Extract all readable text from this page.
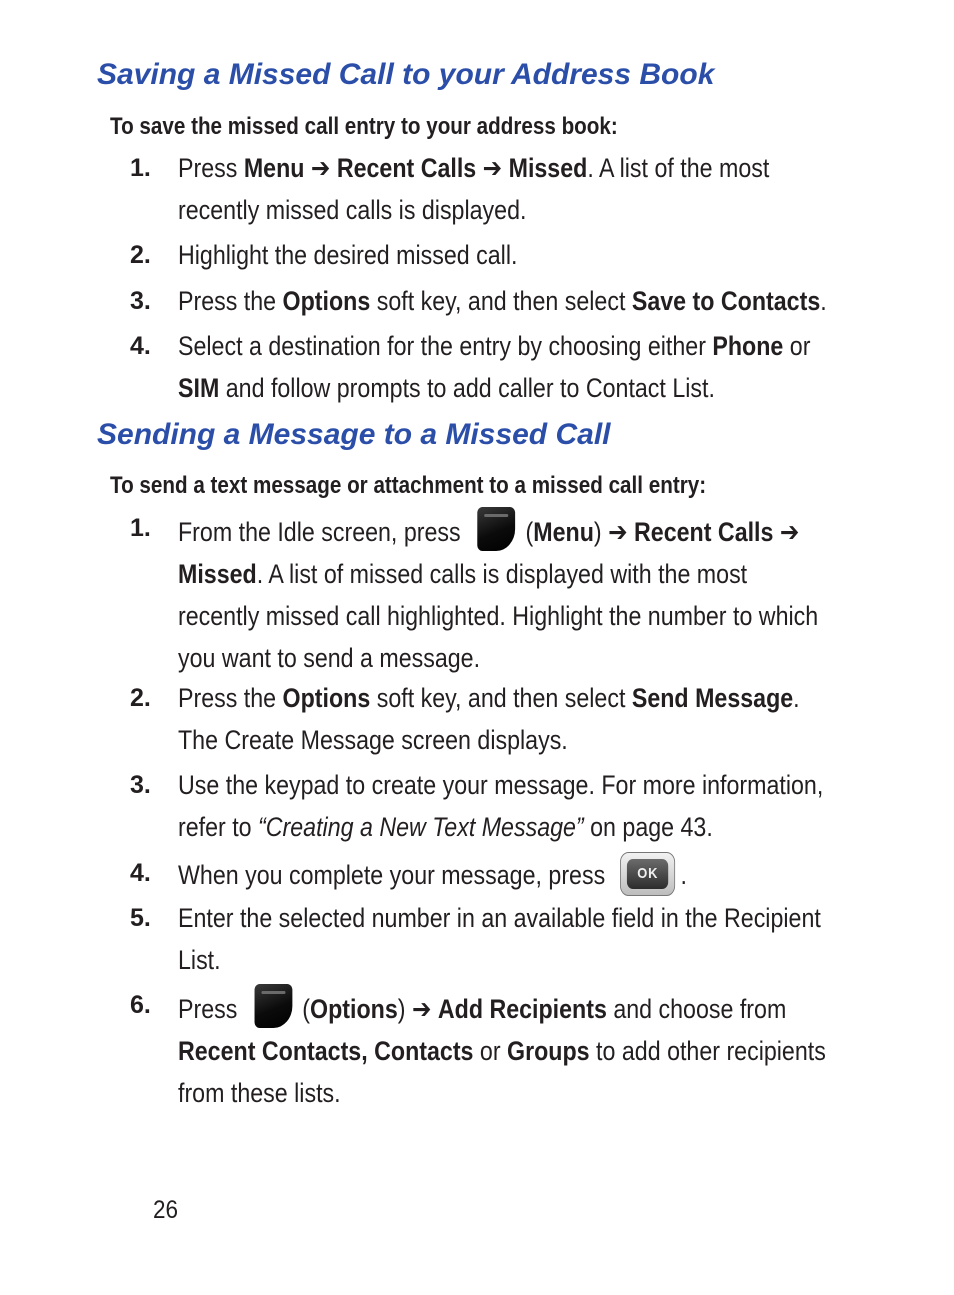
Saving a Missed Call to your Address Book

To save the missed call entry to your address book:

1. Press Menu ➔ Recent Calls ➔ Missed. A list of the most
recently missed calls is displayed.
2. Highlight the desired missed call.
3. Press the Options soft key, and then select Save to Contacts.
4. Select a destination for the entry by choosing either Phone or
SIM and follow prompts to add caller to Contact List.
Sending a Message to a Missed Call

To send a text message or attachment to a missed call entry:

1. From the Idle screen, press (Menu) ➔ Recent Calls ➔
Missed. A list of missed calls is displayed with the most
recently missed call highlighted. Highlight the number to which
you want to send a message.
2. Press the Options soft key, and then select Send Message.
The Create Message screen displays.
3. Use the keypad to create your message. For more information,
refer to “Creating a New Text Message” on page 43.
4. When you complete your message, press	OK .
5. Enter the selected number in an available field in the Recipient
List.
6. Press (Options) ➔ Add Recipients and choose from
Recent Contacts, Contacts or Groups to add other recipients
from these lists.
26
